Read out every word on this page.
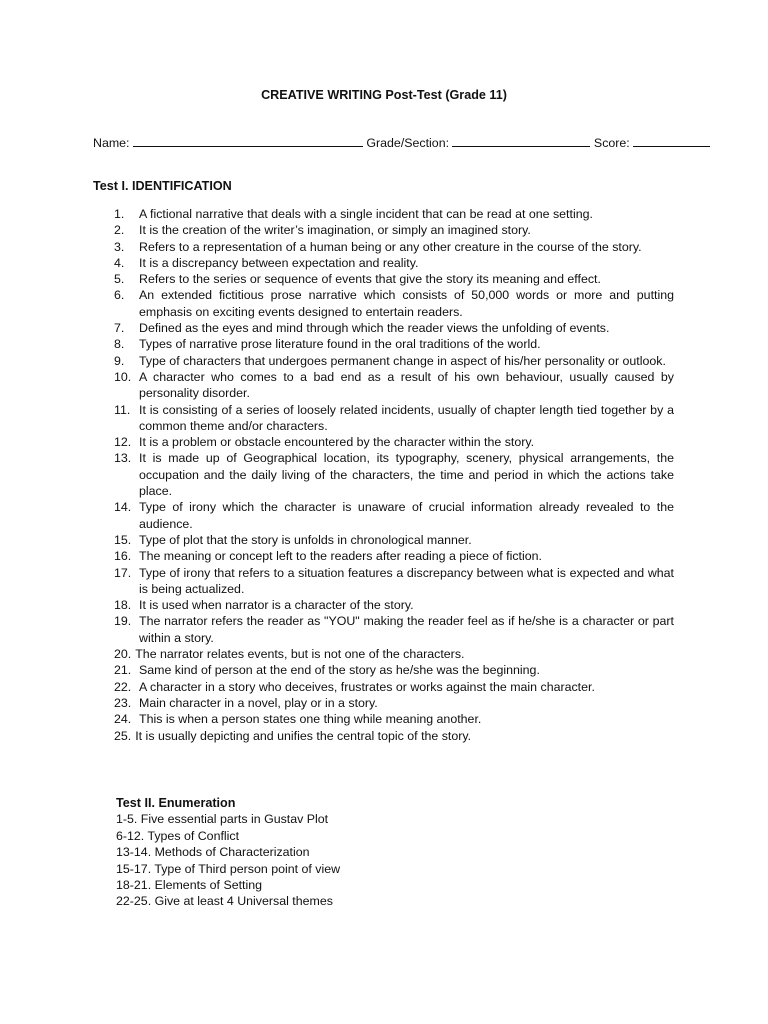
CREATIVE WRITING Post-Test (Grade 11)
Name:	Grade/Section:	Score:
Test I. IDENTIFICATION
1.	A fictional narrative that deals with a single incident that can be read at one setting.
2.	It is the creation of the writer’s imagination, or simply an imagined story.
3.	Refers to a representation of a human being or any other creature in the course of the story.
4.	It is a discrepancy between expectation and reality.
5.	Refers to the series or sequence of events that give the story its meaning and effect.
6.	An extended fictitious prose narrative which consists of 50,000 words or more and putting emphasis on exciting events designed to entertain readers.
7.	Defined as the eyes and mind through which the reader views the unfolding of events.
8.	Types of narrative prose literature found in the oral traditions of the world.
9.	Type of characters that undergoes permanent change in aspect of his/her personality or outlook.
10. A character who comes to a bad end as a result of his own behaviour, usually caused by personality disorder.
11. It is consisting of a series of loosely related incidents, usually of chapter length tied together by a common theme and/or characters.
12. It is a problem or obstacle encountered by the character within the story.
13. It is made up of Geographical location, its typography, scenery, physical arrangements, the occupation and the daily living of the characters, the time and period in which the actions take place.
14. Type of irony which the character is unaware of crucial information already revealed to the audience.
15. Type of plot that the story is unfolds in chronological manner.
16. The meaning or concept left to the readers after reading a piece of fiction.
17. Type of irony that refers to a situation features a discrepancy between what is expected and what is being actualized.
18. It is used when narrator is a character of the story.
19. The narrator refers the reader as "YOU" making the reader feel as if he/she is a character or part within a story.
20. The narrator relates events, but is not one of the characters.
21. Same kind of person at the end of the story as he/she was the beginning.
22. A character in a story who deceives, frustrates or works against the main character.
23. Main character in a novel, play or in a story.
24. This is when a person states one thing while meaning another.
25. It is usually depicting and unifies the central topic of the story.
Test II. Enumeration
1-5. Five essential parts in Gustav Plot
6-12. Types of Conflict
13-14. Methods of Characterization
15-17. Type of Third person point of view
18-21. Elements of Setting
22-25. Give at least 4 Universal themes
